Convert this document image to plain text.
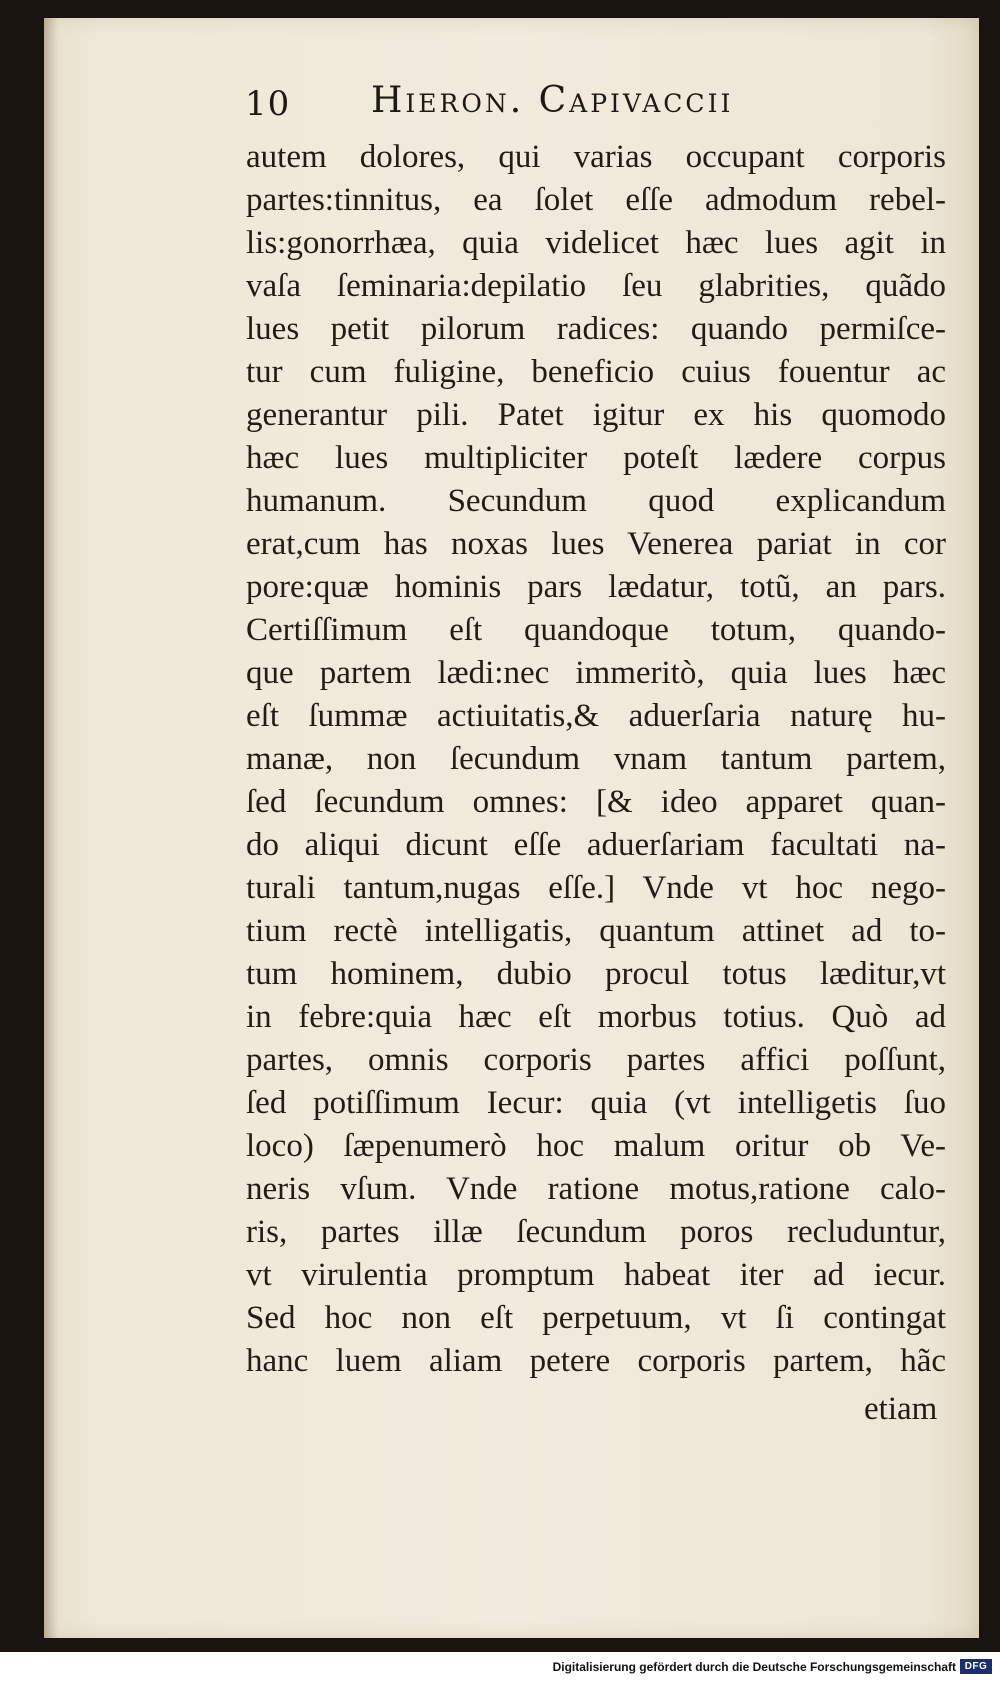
10 Hieron. Capivaccii
autem dolores, qui varias occupant corporis
partes:tinnitus, ea ſolet eſſe admodum rebel-
lis:gonorrhæa, quia videlicet hæc lues agit in
vaſa ſeminaria:depilatio ſeu glabrities, quãdo
lues petit pilorum radices: quando permiſce-
tur cum fuligine, beneficio cuius fouentur ac
generantur pili. Patet igitur ex his quomodo
hæc lues multipliciter poteſt lædere corpus
humanum. Secundum quod explicandum
erat,cum has noxas lues Venerea pariat in cor
pore:quæ hominis pars lædatur, totũ, an pars.
Certiſſimum eſt quandoque totum, quando-
que partem lædi:nec immeritò, quia lues hæc
eſt ſummæ actiuitatis,& aduerſaria naturę hu-
manæ, non ſecundum vnam tantum partem,
ſed ſecundum omnes: [& ideo apparet quan-
do aliqui dicunt eſſe aduerſariam facultati na-
turali tantum,nugas eſſe.] Vnde vt hoc nego-
tium rectè intelligatis, quantum attinet ad to-
tum hominem, dubio procul totus læditur,vt
in febre:quia hæc eſt morbus totius. Quò ad
partes, omnis corporis partes affici poſſunt,
ſed potiſſimum Iecur: quia (vt intelligetis ſuo
loco) ſæpenumerò hoc malum oritur ob Ve-
neris vſum. Vnde ratione motus,ratione calo-
ris, partes illæ ſecundum poros recluduntur,
vt virulentia promptum habeat iter ad iecur.
Sed hoc non eſt perpetuum, vt ſi contingat
hanc luem aliam petere corporis partem, hãc
etiam
Digitalisierung gefördert durch die Deutsche Forschungsgemeinschaft DFG
